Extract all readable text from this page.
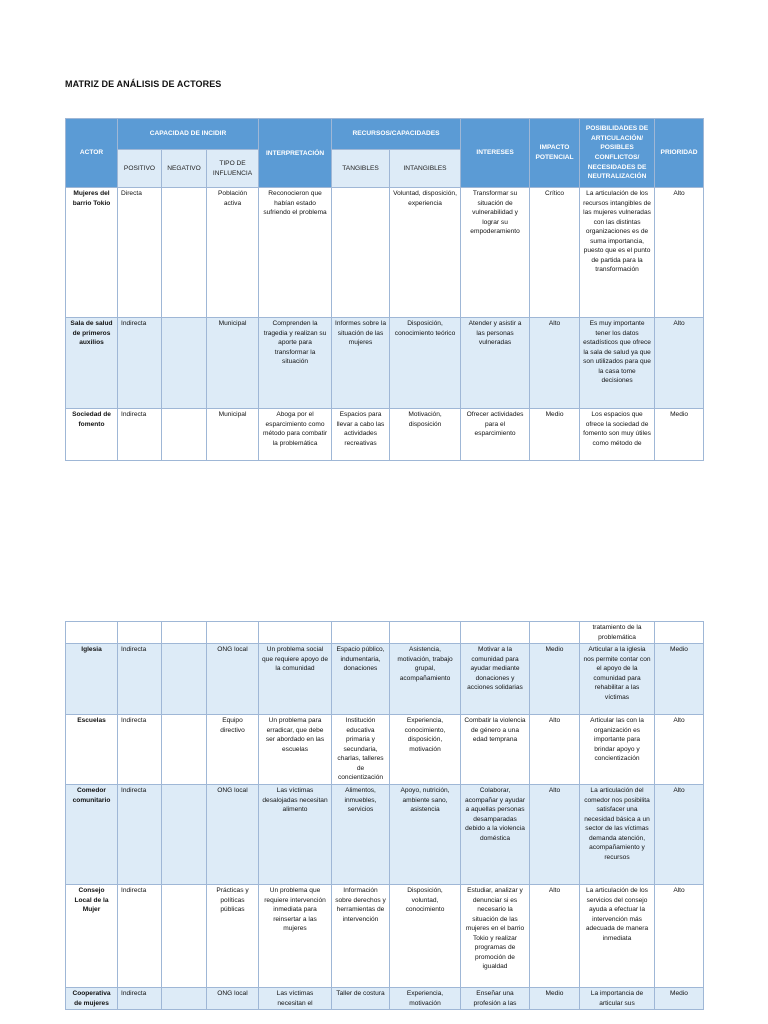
MATRIZ DE ANÁLISIS DE ACTORES
ACTOR	CAPACIDAD DE INCIDIR			INTERPRETACIÓN	RECURSOS/CAPACIDADES		INTERESES	IMPACTO POTENCIAL	POSIBILIDADES DE ARTICULACIÓN/ POSIBLES CONFLICTOS/ NECESIDADES DE NEUTRALIZACIÓN	PRIORIDAD
	POSITIVO	NEGATIVO	TIPO DE INFLUENCIA		TANGIBLES	INTANGIBLES				
Mujeres del barrio Tokio	Directa		Población activa	Reconocieron que habían estado sufriendo el problema		Voluntad, disposición, experiencia	Transformar su situación de vulnerabilidad y lograr su empoderamiento	Crítico	La articulación de los recursos intangibles de las mujeres vulneradas con las distintas organizaciones es de suma importancia, puesto que es el punto de partida para la transformación	Alto
Sala de salud de primeros auxilios	Indirecta		Municipal	Comprenden la tragedia y realizan su aporte para transformar la situación	Informes sobre la situación de las mujeres	Disposición, conocimiento teórico	Atender y asistir a las personas vulneradas	Alto	Es muy importante tener los datos estadísticos que ofrece la sala de salud ya que son utilizados para que la casa tome decisiones	Alto
Sociedad de fomento	Indirecta		Municipal	Aboga por el esparcimiento como método para combatir la problemática	Espacios para llevar a cabo las actividades recreativas	Motivación, disposición	Ofrecer actividades para el esparcimiento	Medio	Los espacios que ofrece la sociedad de fomento son muy útiles como método de	Medio
									tratamiento de la problemática	
Iglesia	Indirecta		ONG local	Un problema social que requiere apoyo de la comunidad	Espacio público, indumentaria, donaciones	Asistencia, motivación, trabajo grupal, acompañamiento	Motivar a la comunidad para ayudar mediante donaciones y acciones solidarias	Medio	Articular a la iglesia nos permite contar con el apoyo de la comunidad para rehabilitar a las víctimas	Medio
Escuelas	Indirecta		Equipo directivo	Un problema para erradicar, que debe ser abordado en las escuelas	Institución educativa primaria y secundaria, charlas, talleres de concientización	Experiencia, conocimiento, disposición, motivación	Combatir la violencia de género a una edad temprana	Alto	Articular las con la organización es importante para brindar apoyo y concientización	Alto
Comedor comunitario	Indirecta		ONG local	Las víctimas desalojadas necesitan alimento	Alimentos, inmuebles, servicios	Apoyo, nutrición, ambiente sano, asistencia	Colaborar, acompañar y ayudar a aquellas personas desamparadas debido a la violencia doméstica	Alto	La articulación del comedor nos posibilita satisfacer una necesidad básica a un sector de las víctimas demanda atención, acompañamiento y recursos	Alto
Consejo Local de la Mujer	Indirecta		Prácticas y políticas públicas	Un problema que requiere intervención inmediata para reinsertar a las mujeres	Información sobre derechos y herramientas de intervención	Disposición, voluntad, conocimiento	Estudiar, analizar y denunciar si es necesario la situación de las mujeres en el barrio Tokio y realizar programas de promoción de igualdad	Alto	La articulación de los servicios del consejo ayuda a efectuar la intervención más adecuada de manera inmediata	Alto
Cooperativa de mujeres	Indirecta		ONG local	Las víctimas necesitan el	Taller de costura	Experiencia, motivación	Enseñar una profesión a las	Medio	La importancia de articular sus	Medio
